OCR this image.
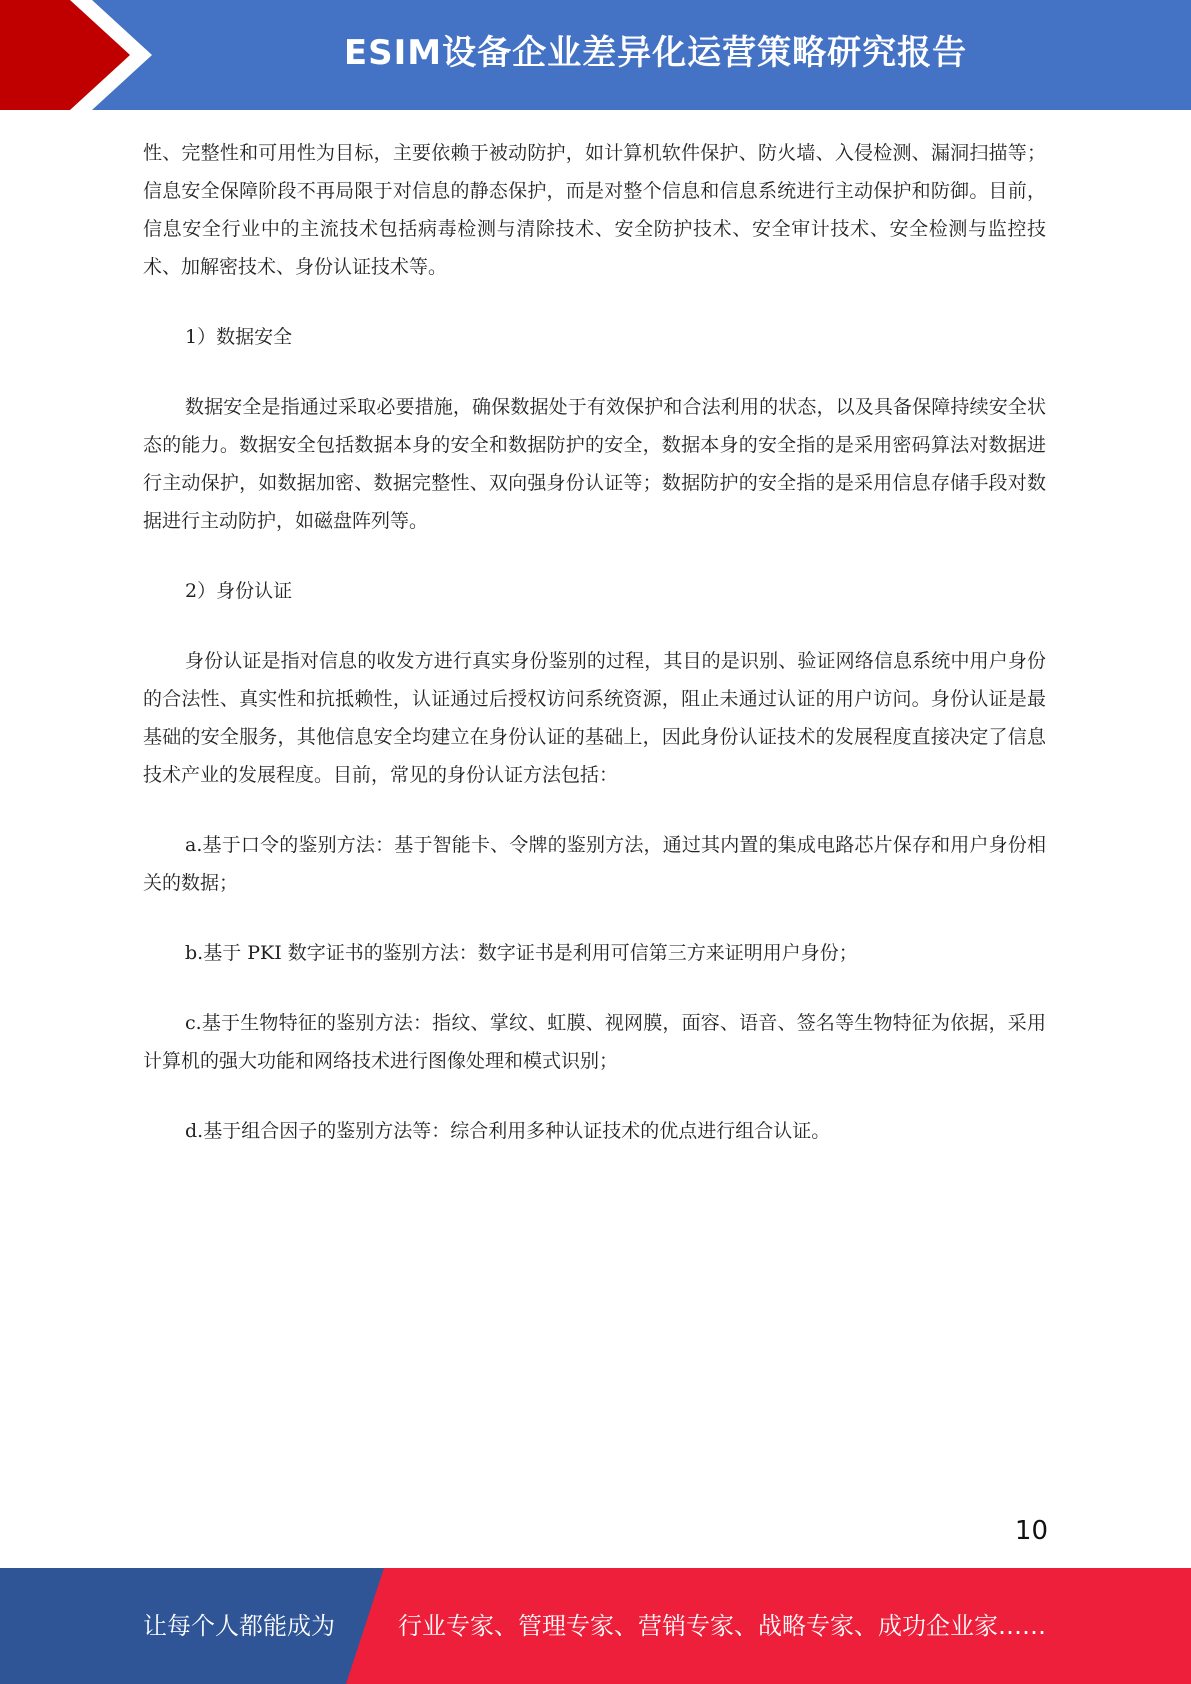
ESIM设备企业差异化运营策略研究报告

性、完整性和可用性为目标，主要依赖于被动防护，如计算机软件保护、防火墙、入侵检测、漏洞扫描等；信息安全保障阶段不再局限于对信息的静态保护，而是对整个信息和信息系统进行主动保护和防御。目前，信息安全行业中的主流技术包括病毒检测与清除技术、安全防护技术、安全审计技术、安全检测与监控技术、加解密技术、身份认证技术等。

1）数据安全

数据安全是指通过采取必要措施，确保数据处于有效保护和合法利用的状态，以及具备保障持续安全状态的能力。数据安全包括数据本身的安全和数据防护的安全，数据本身的安全指的是采用密码算法对数据进行主动保护，如数据加密、数据完整性、双向强身份认证等；数据防护的安全指的是采用信息存储手段对数据进行主动防护，如磁盘阵列等。

2）身份认证

身份认证是指对信息的收发方进行真实身份鉴别的过程，其目的是识别、验证网络信息系统中用户身份的合法性、真实性和抗抵赖性，认证通过后授权访问系统资源，阻止未通过认证的用户访问。身份认证是最基础的安全服务，其他信息安全均建立在身份认证的基础上，因此身份认证技术的发展程度直接决定了信息技术产业的发展程度。目前，常见的身份认证方法包括：

a.基于口令的鉴别方法：基于智能卡、令牌的鉴别方法，通过其内置的集成电路芯片保存和用户身份相关的数据；

b.基于 PKI 数字证书的鉴别方法：数字证书是利用可信第三方来证明用户身份；

c.基于生物特征的鉴别方法：指纹、掌纹、虹膜、视网膜，面容、语音、签名等生物特征为依据，采用计算机的强大功能和网络技术进行图像处理和模式识别；

d.基于组合因子的鉴别方法等：综合利用多种认证技术的优点进行组合认证。

10
让每个人都能成为	行业专家、管理专家、营销专家、战略专家、成功企业家……
